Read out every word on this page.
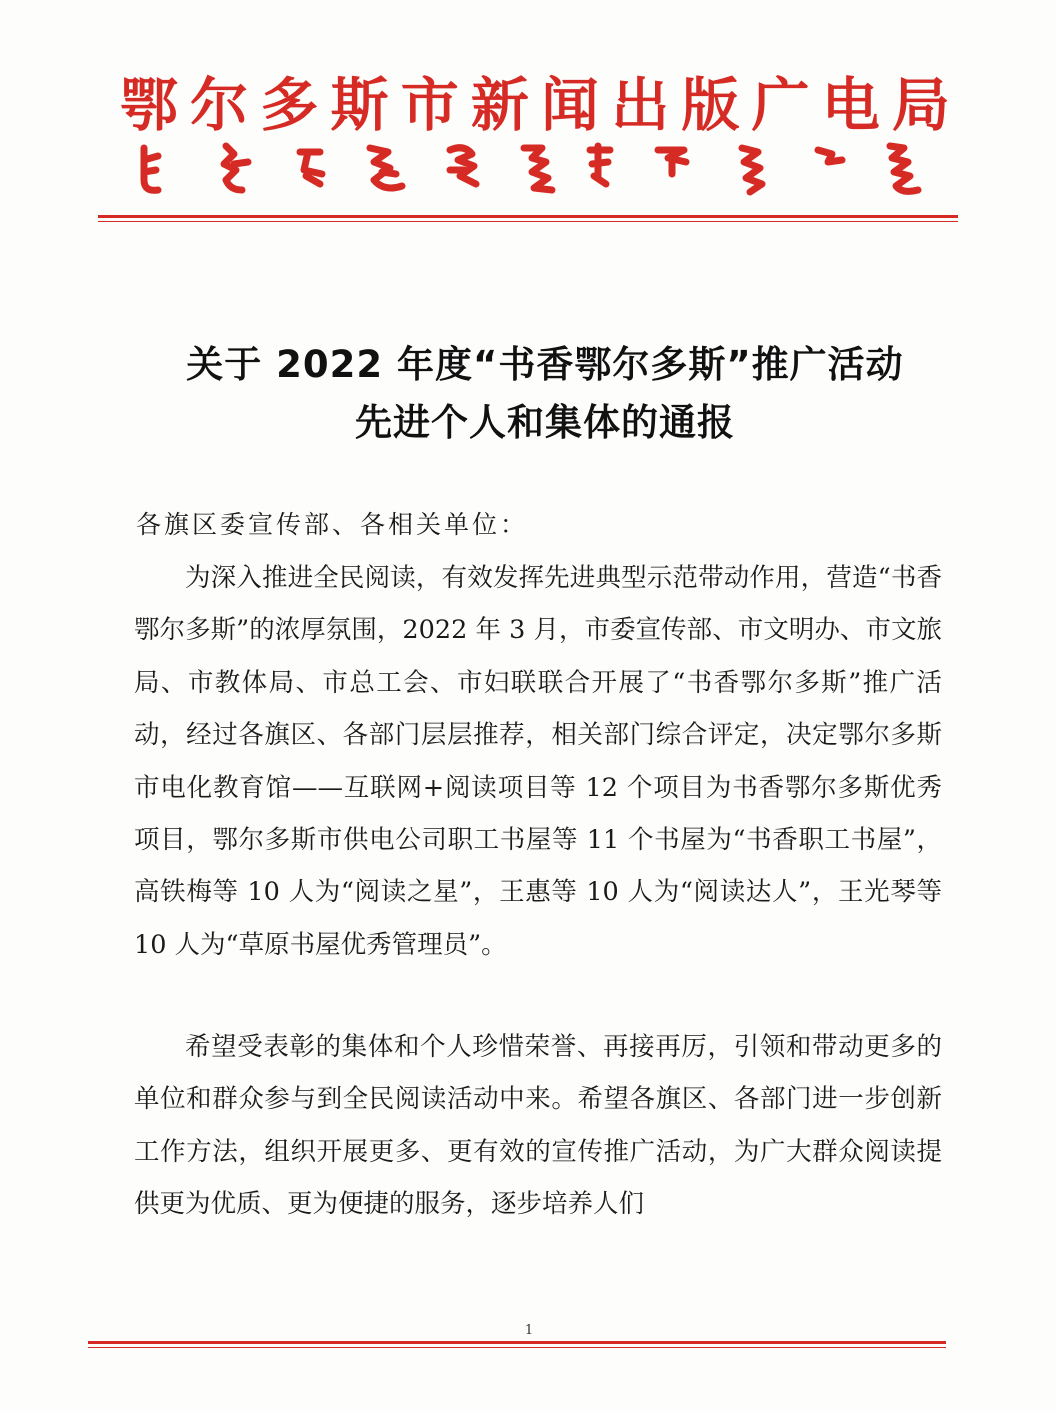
鄂 尔 多 斯 市 新 闻 出 版 广 电 局
关于 2022 年度“书香鄂尔多斯”推广活动
先进个人和集体的通报
各旗区委宣传部、各相关单位：

为深入推进全民阅读，有效发挥先进典型示范带动作用，营造“书香鄂尔多斯”的浓厚氛围，2022 年 3 月，市委宣传部、市文明办、市文旅局、市教体局、市总工会、市妇联联合开展了“书香鄂尔多斯”推广活动，经过各旗区、各部门层层推荐，相关部门综合评定，决定鄂尔多斯市电化教育馆——互联网+阅读项目等 12 个项目为书香鄂尔多斯优秀项目，鄂尔多斯市供电公司职工书屋等 11 个书屋为“书香职工书屋”，高铁梅等 10 人为“阅读之星”，王惠等 10 人为“阅读达人”，王光琴等 10 人为“草原书屋优秀管理员”。

希望受表彰的集体和个人珍惜荣誉、再接再厉，引领和带动更多的单位和群众参与到全民阅读活动中来。希望各旗区、各部门进一步创新工作方法，组织开展更多、更有效的宣传推广活动，为广大群众阅读提供更为优质、更为便捷的服务，逐步培养人们

1
